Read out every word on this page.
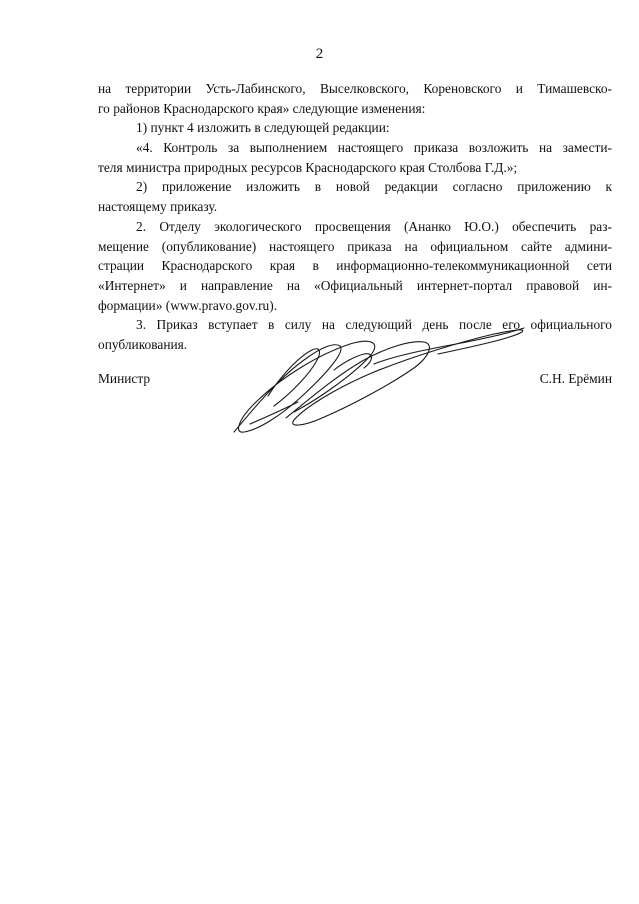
2
на территории Усть-Лабинского, Выселковского, Кореновского и Тимашевско-
го районов Краснодарского края» следующие изменения:
1) пункт 4 изложить в следующей редакции:
«4. Контроль за выполнением настоящего приказа возложить на замести-
теля министра природных ресурсов Краснодарского края Столбова Г.Д.»;
2) приложение изложить в новой редакции согласно приложению к
настоящему приказу.
2. Отделу экологического просвещения (Ананко Ю.О.) обеспечить раз-
мещение (опубликование) настоящего приказа на официальном сайте админи-
страции Краснодарского края в информационно-телекоммуникационной сети
«Интернет» и направление на «Официальный интернет-портал правовой ин-
формации» (www.pravo.gov.ru).
3. Приказ вступает в силу на следующий день после его официального
опубликования.
Министр	С.Н. Ерёмин
